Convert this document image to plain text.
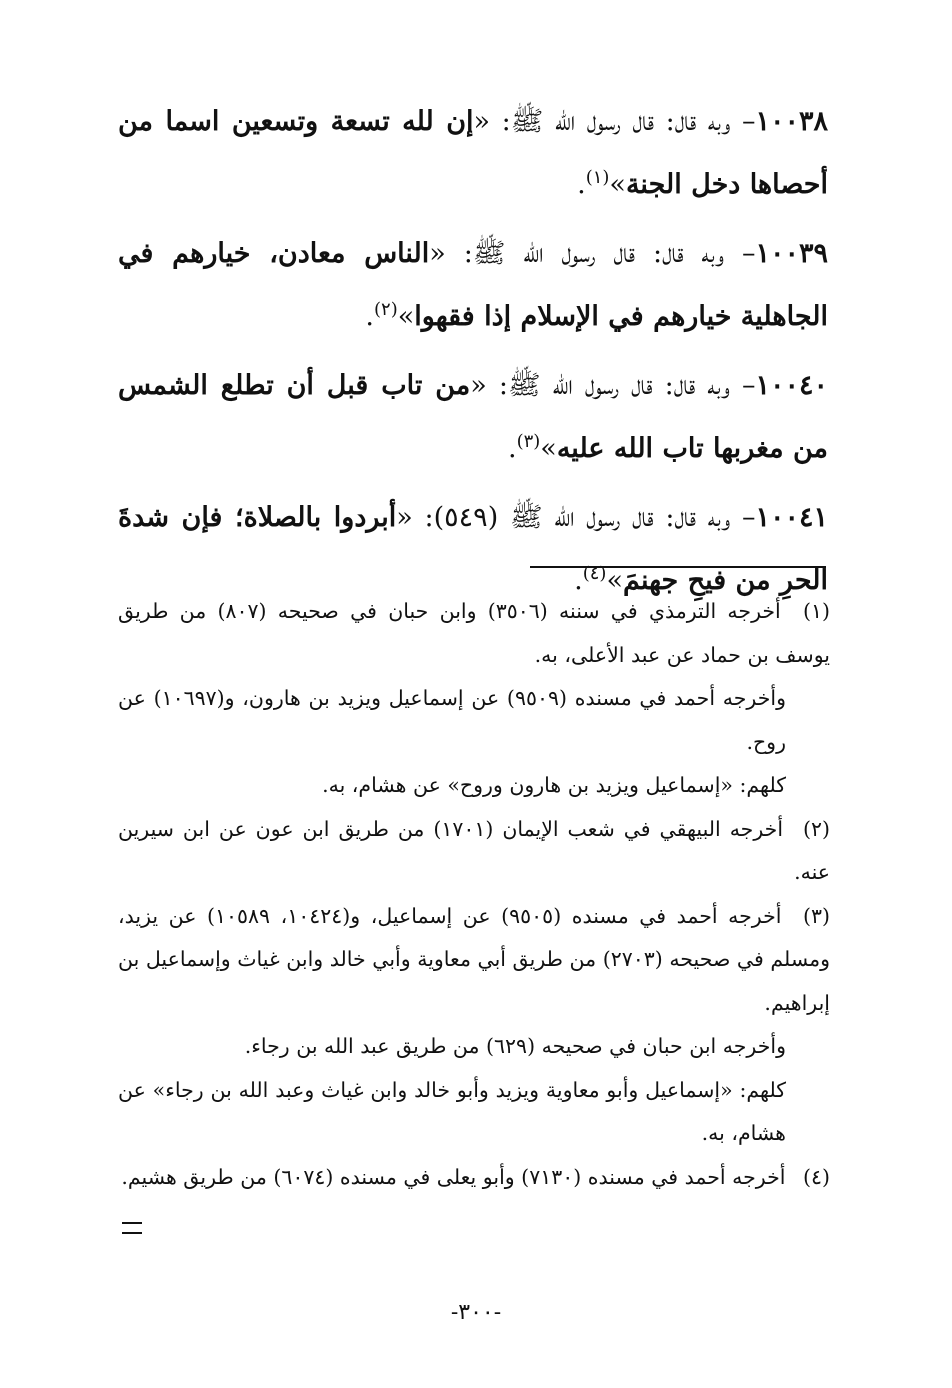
١٠٠٣٨– وبه قال: قال رسول الله ﷺ: «إن لله تسعة وتسعين اسما من أحصاها دخل الجنة»$^{(١)}$.

١٠٠٣٩– وبه قال: قال رسول الله ﷺ: «الناس معادن، خيارهم في الجاهلية خيارهم في الإسلام إذا فقهوا»$^{(٢)}$.

١٠٠٤٠– وبه قال: قال رسول الله ﷺ: «من تاب قبل أن تطلع الشمس من مغربها تاب الله عليه»$^{(٣)}$.

١٠٠٤١– وبه قال: قال رسول الله ﷺ (٥٤٩): «أبردوا بالصلاة؛ فإن شدةَ الحرِ من فيحِ جهنمَ»$^{(٤)}$.

(١) أخرجه الترمذي في سننه (٣٥٠٦) وابن حبان في صحيحه (٨٠٧) من طريق يوسف بن حماد عن عبد الأعلى، به.

وأخرجه أحمد في مسنده (٩٥٠٩) عن إسماعيل ويزيد بن هارون، و(١٠٦٩٧) عن روح.

كلهم: «إسماعيل ويزيد بن هارون وروح» عن هشام، به.

(٢) أخرجه البيهقي في شعب الإيمان (١٧٠١) من طريق ابن عون عن ابن سيرين عنه.

(٣) أخرجه أحمد في مسنده (٩٥٠٥) عن إسماعيل، و(١٠٤٢٤، ١٠٥٨٩) عن يزيد، ومسلم في صحيحه (٢٧٠٣) من طريق أبي معاوية وأبي خالد وابن غياث وإسماعيل بن إبراهيم.

وأخرجه ابن حبان في صحيحه (٦٢٩) من طريق عبد الله بن رجاء.

كلهم: «إسماعيل وأبو معاوية ويزيد وأبو خالد وابن غياث وعبد الله بن رجاء» عن هشام، به.

(٤) أخرجه أحمد في مسنده (٧١٣٠) وأبو يعلى في مسنده (٦٠٧٤) من طريق هشيم.

-٣٠٠-
